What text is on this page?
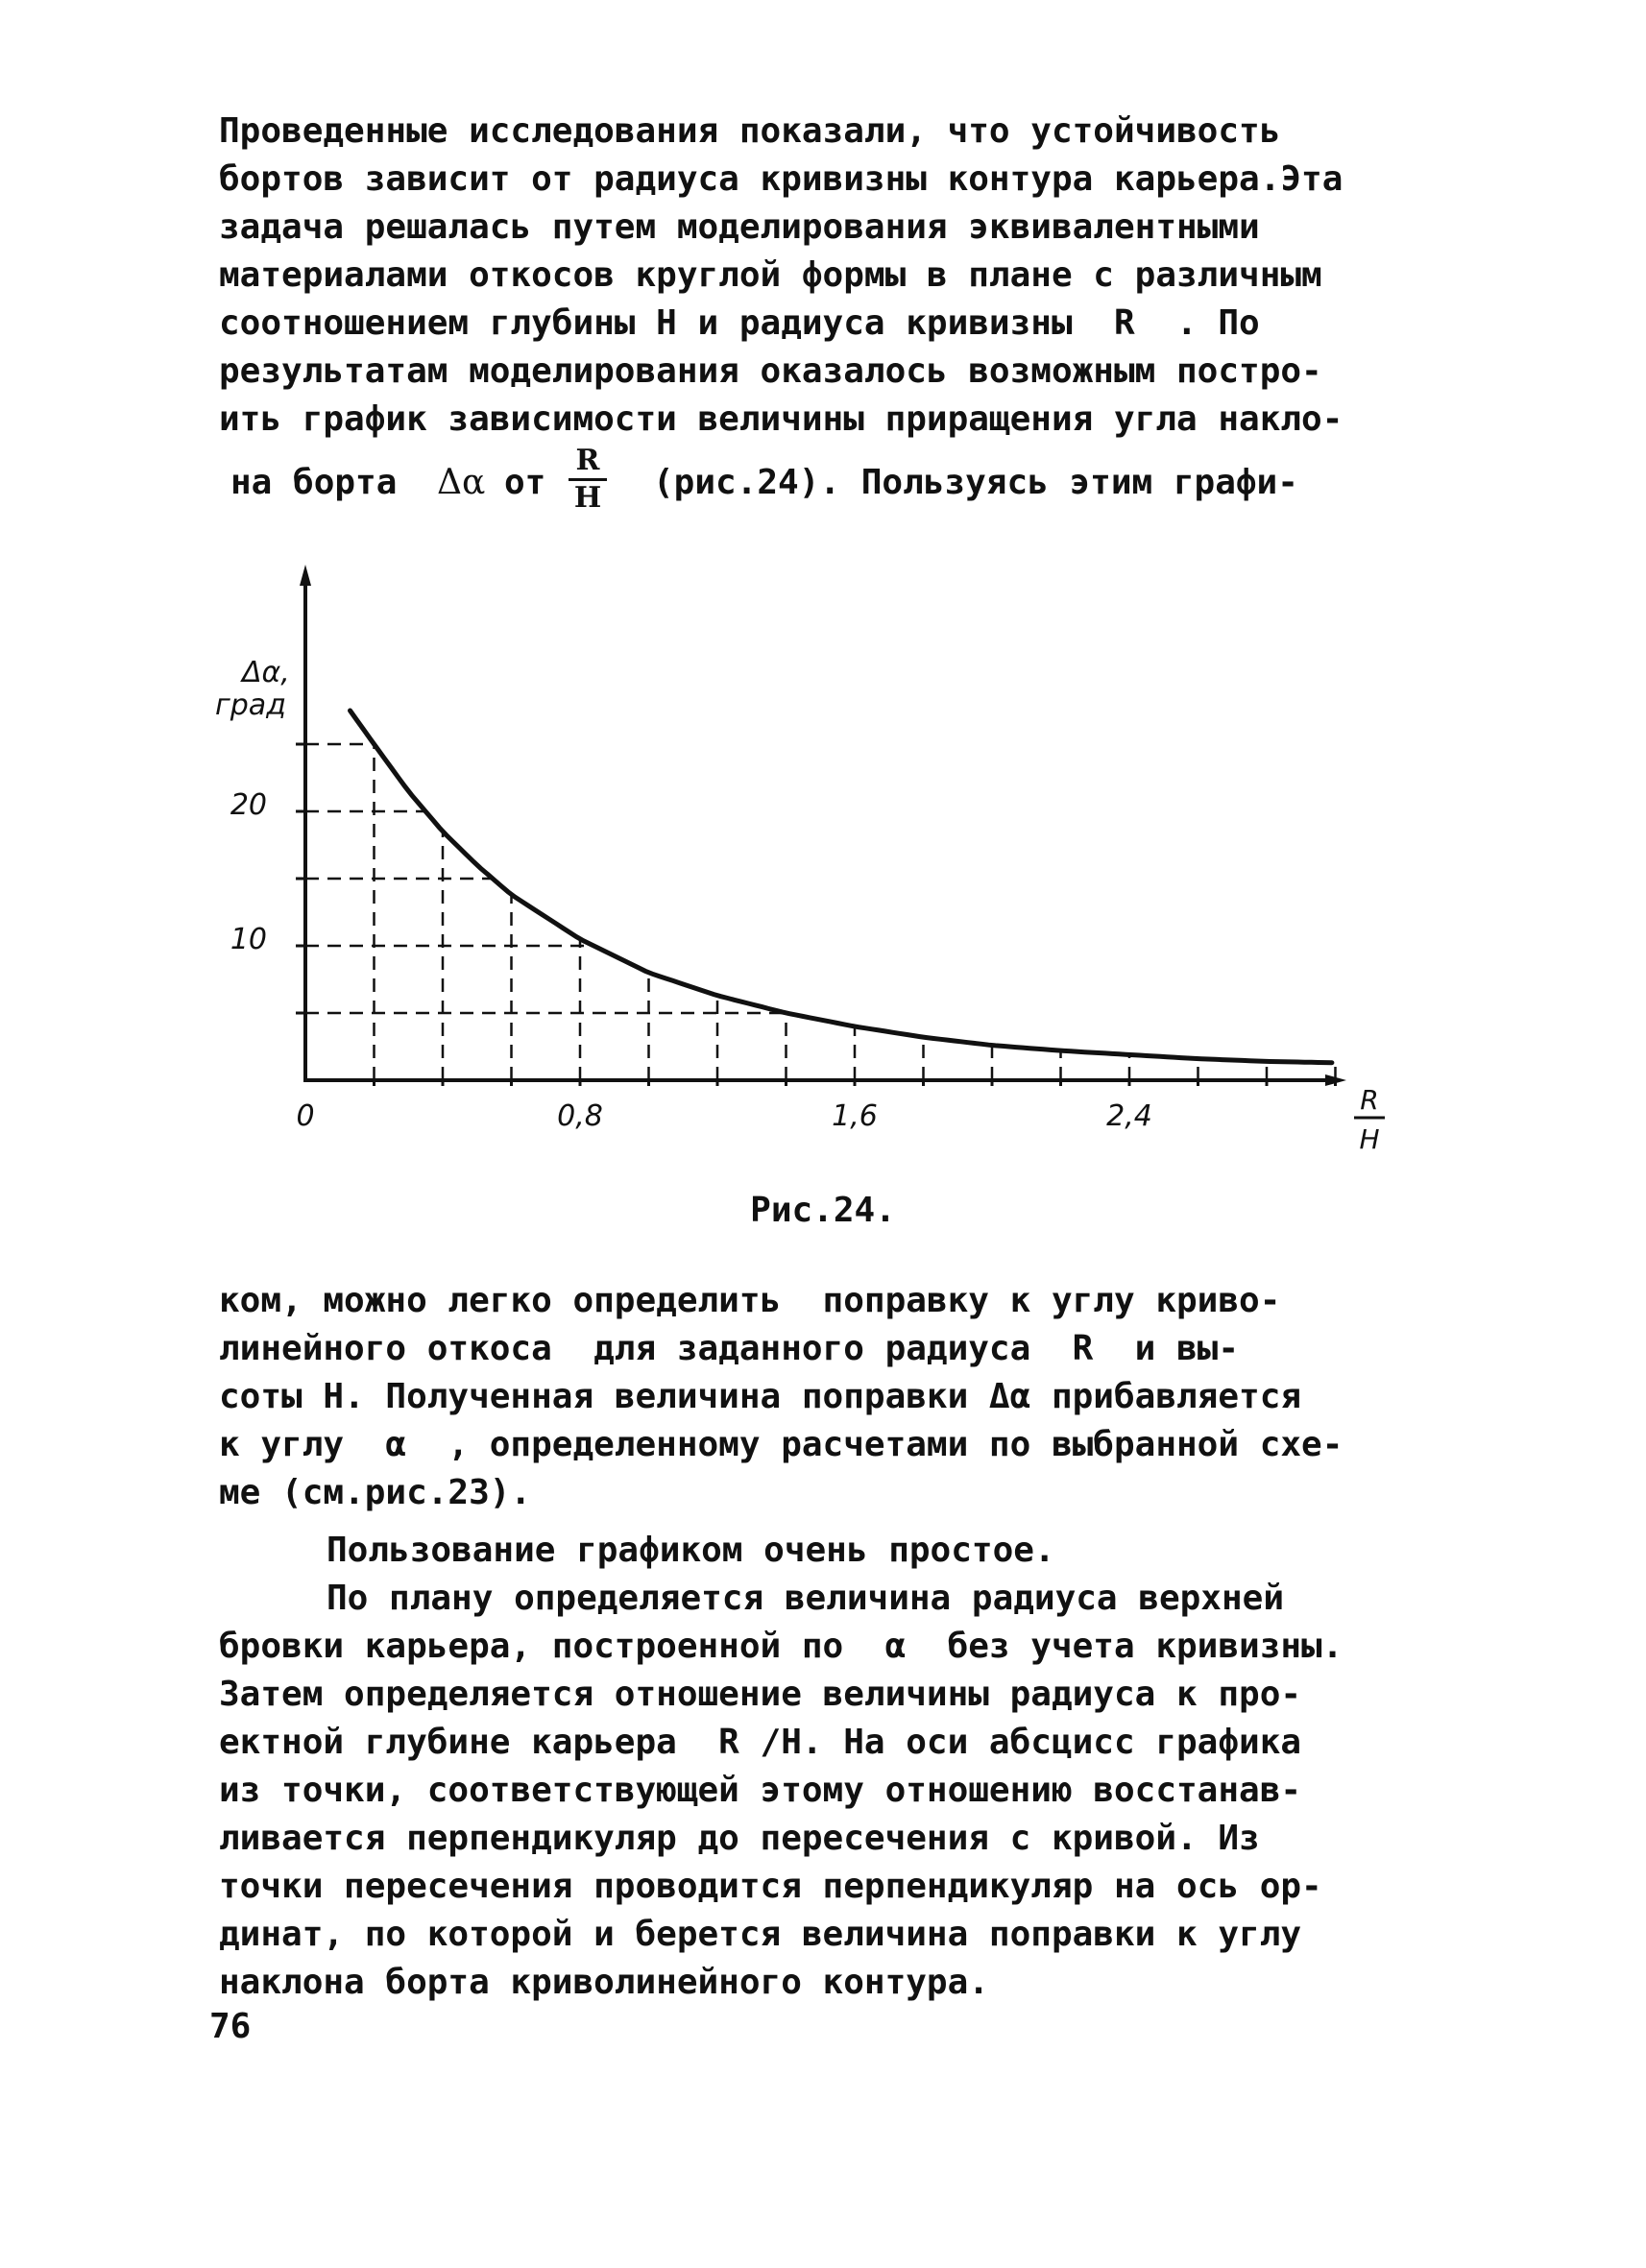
Проведенные исследования показали, что устойчивость
бортов зависит от радиуса кривизны контура карьера.Эта
задача решалась путем моделирования эквивалентными
материалами откосов круглой формы в плане с различным
соотношением глубины H и радиуса кривизны  R  . По
результатам моделирования оказалось возможным постро-
ить график зависимости величины приращения угла накло-
на борта Δα от $\frac{R}{H} (рис.24)$. Пользуясь этим графи-
Δα,
град
20
10
0	0,8	1,6	2,4	R
H
Рис.24.
ком, можно легко определить  поправку к углу криво-
линейного откоса  для заданного радиуса  R  и вы-
соты H. Полученная величина поправки Δα прибавляется
к углу  α  , определенному расчетами по выбранной схе-
ме (см.рис.23).
Пользование графиком очень простое.
По плану определяется величина радиуса верхней
бровки карьера, построенной по  α  без учета кривизны.
Затем определяется отношение величины радиуса к про-
ектной глубине карьера  R /H. На оси абсцисс графика
из точки, соответствующей этому отношению восстанав-
ливается перпендикуляр до пересечения с кривой. Из
точки пересечения проводится перпендикуляр на ось ор-
динат, по которой и берется величина поправки к углу
наклона борта криволинейного контура.
76
